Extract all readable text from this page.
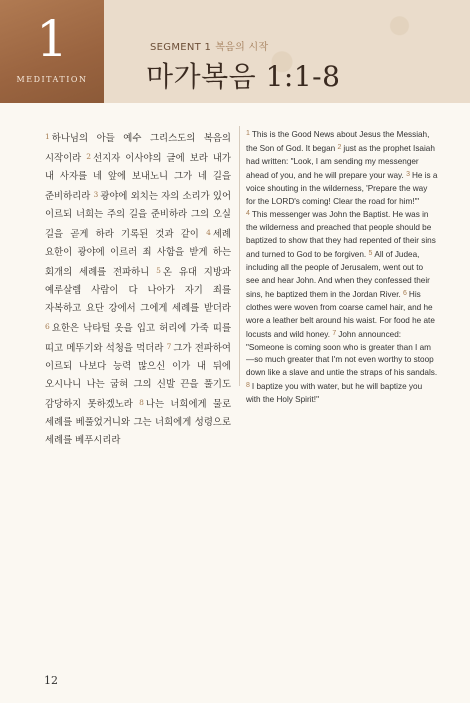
1
MEDITATION
SEGMENT 1 복음의 시작
마가복음 1:1-8
$^1$ 하나님의 아들 예수 그리스도의 복음의 시작이라 $^2$ 선지자 이사야의 글에 보라 내가 내 사자를 네 앞에 보내노니 그가 네 길을 준비하리라 $^3$ 광야에 외치는 자의 소리가 있어 이르되 너희는 주의 길을 준비하라 그의 오실 길을 곧게 하라 기록된 것과 같이 $^4$ 세례 요한이 광야에 이르러 죄 사함을 받게 하는 회개의 세례를 전파하니 $^5$ 온 유대 지방과 예루살렘 사람이 다 나아가 자기 죄를 자복하고 요단 강에서 그에게 세례를 받더라 $^6$ 요한은 낙타털 옷을 입고 허리에 가죽 띠를 띠고 메뚜기와 석청을 먹더라 $^7$ 그가 전파하여 이르되 나보다 능력 많으신 이가 내 뒤에 오시나니 나는 굽혀 그의 신발 끈을 풀기도 감당하지 못하겠노라 $^8$ 나는 너희에게 물로 세례를 베풀었거니와 그는 너희에게 성령으로 세례를 베푸시리라
1 This is the Good News about Jesus the Messiah, the Son of God. It began 2 just as the prophet Isaiah had written: "Look, I am sending my messenger ahead of you, and he will prepare your way. 3 He is a voice shouting in the wilderness, 'Prepare the way for the LORD's coming! Clear the road for him!'" 4 This messenger was John the Baptist. He was in the wilderness and preached that people should be baptized to show that they had repented of their sins and turned to God to be forgiven. 5 All of Judea, including all the people of Jerusalem, went out to see and hear John. And when they confessed their sins, he baptized them in the Jordan River. 6 His clothes were woven from coarse camel hair, and he wore a leather belt around his waist. For food he ate locusts and wild honey. 7 John announced: "Someone is coming soon who is greater than I am—so much greater that I'm not even worthy to stoop down like a slave and untie the straps of his sandals. 8 I baptize you with water, but he will baptize you with the Holy Spirit!"
12
